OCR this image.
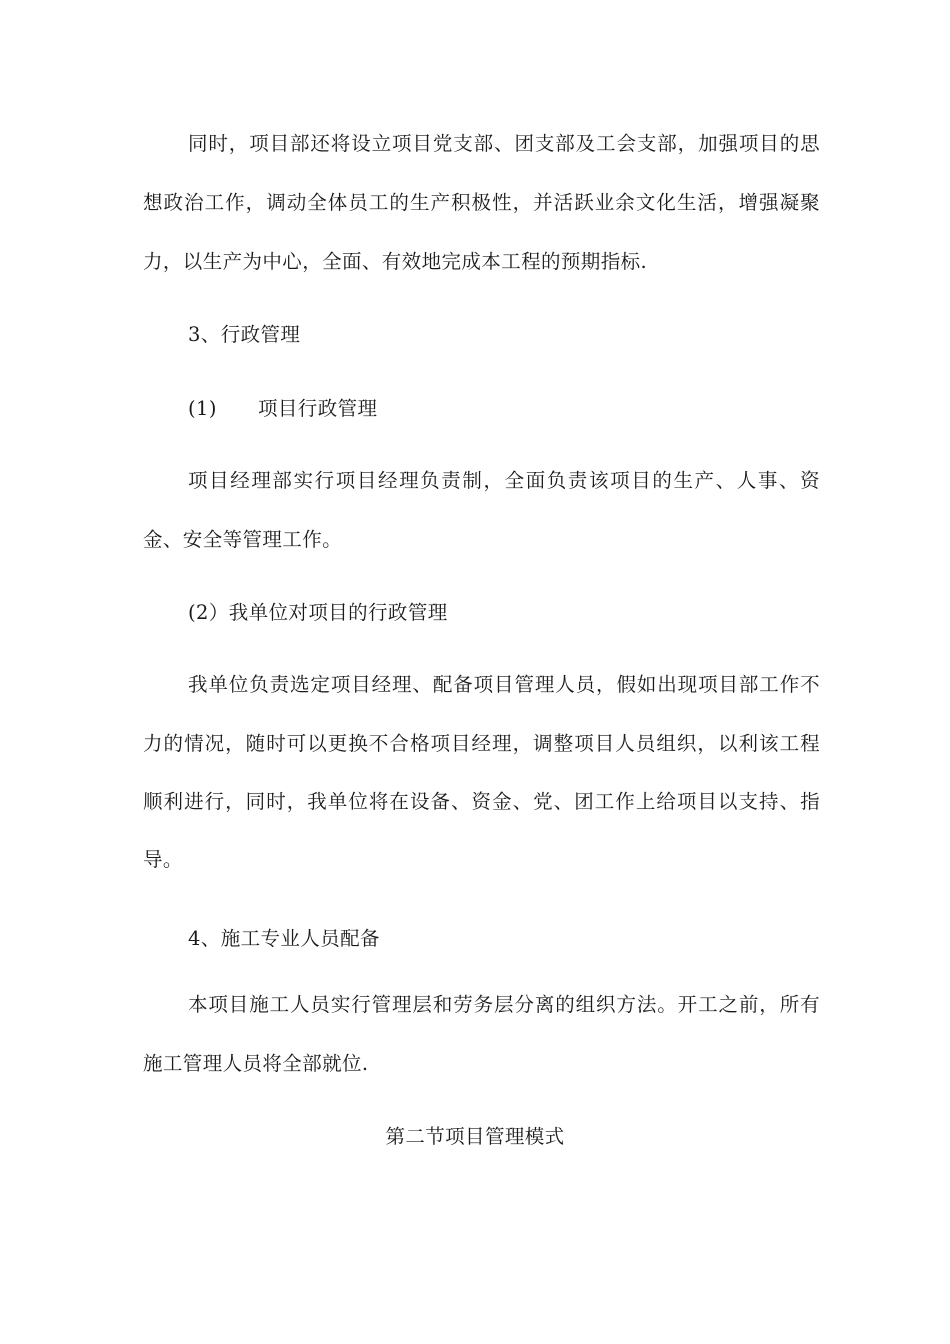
同时，项目部还将设立项目党支部、团支部及工会支部，加强项目的思
想政治工作，调动全体员工的生产积极性，并活跃业余文化生活，增强凝聚
力，以生产为中心，全面、有效地完成本工程的预期指标.
3、行政管理
(1) 项目行政管理
项目经理部实行项目经理负责制，全面负责该项目的生产、人事、资
金、安全等管理工作。
(2）我单位对项目的行政管理
我单位负责选定项目经理、配备项目管理人员，假如出现项目部工作不
力的情况，随时可以更换不合格项目经理，调整项目人员组织，以利该工程
顺利进行，同时，我单位将在设备、资金、党、团工作上给项目以支持、指
导。
4、施工专业人员配备
本项目施工人员实行管理层和劳务层分离的组织方法。开工之前，所有
施工管理人员将全部就位.
第二节项目管理模式
